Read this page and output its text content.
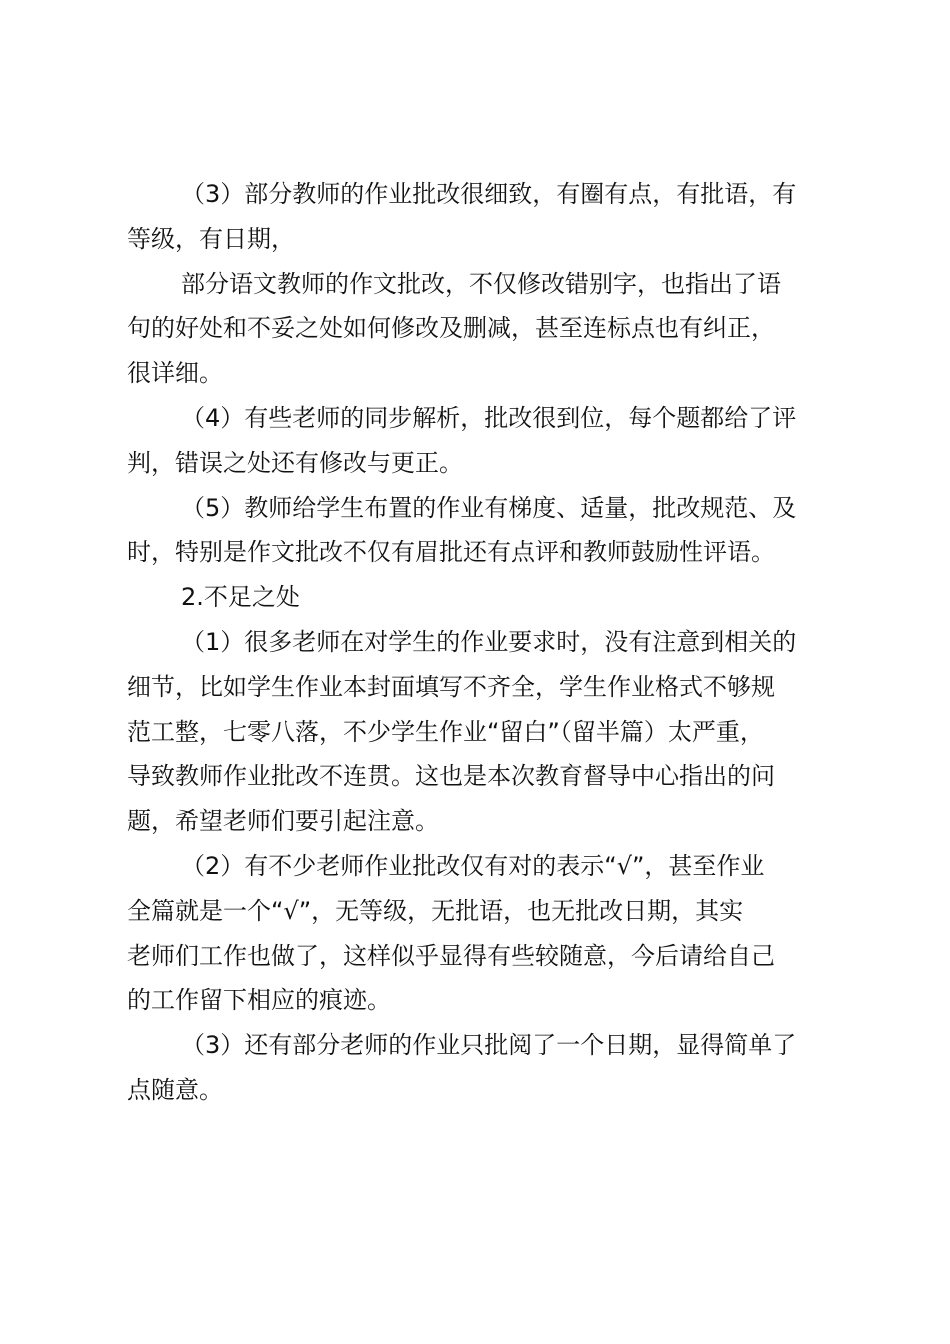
（3）部分教师的作业批改很细致，有圈有点，有批语，有
等级，有日期，
部分语文教师的作文批改，不仅修改错别字，也指出了语
句的好处和不妥之处如何修改及删减，甚至连标点也有纠正，
很详细。
（4）有些老师的同步解析，批改很到位，每个题都给了评
判，错误之处还有修改与更正。
（5）教师给学生布置的作业有梯度、适量，批改规范、及
时，特别是作文批改不仅有眉批还有点评和教师鼓励性评语。
2.不足之处
（1）很多老师在对学生的作业要求时，没有注意到相关的
细节，比如学生作业本封面填写不齐全，学生作业格式不够规
范工整，七零八落，不少学生作业“留白”（留半篇）太严重，
导致教师作业批改不连贯。这也是本次教育督导中心指出的问
题，希望老师们要引起注意。
（2）有不少老师作业批改仅有对的表示“√”，甚至作业
全篇就是一个“√”，无等级，无批语，也无批改日期，其实
老师们工作也做了，这样似乎显得有些较随意，今后请给自己
的工作留下相应的痕迹。
（3）还有部分老师的作业只批阅了一个日期，显得简单了
点随意。
